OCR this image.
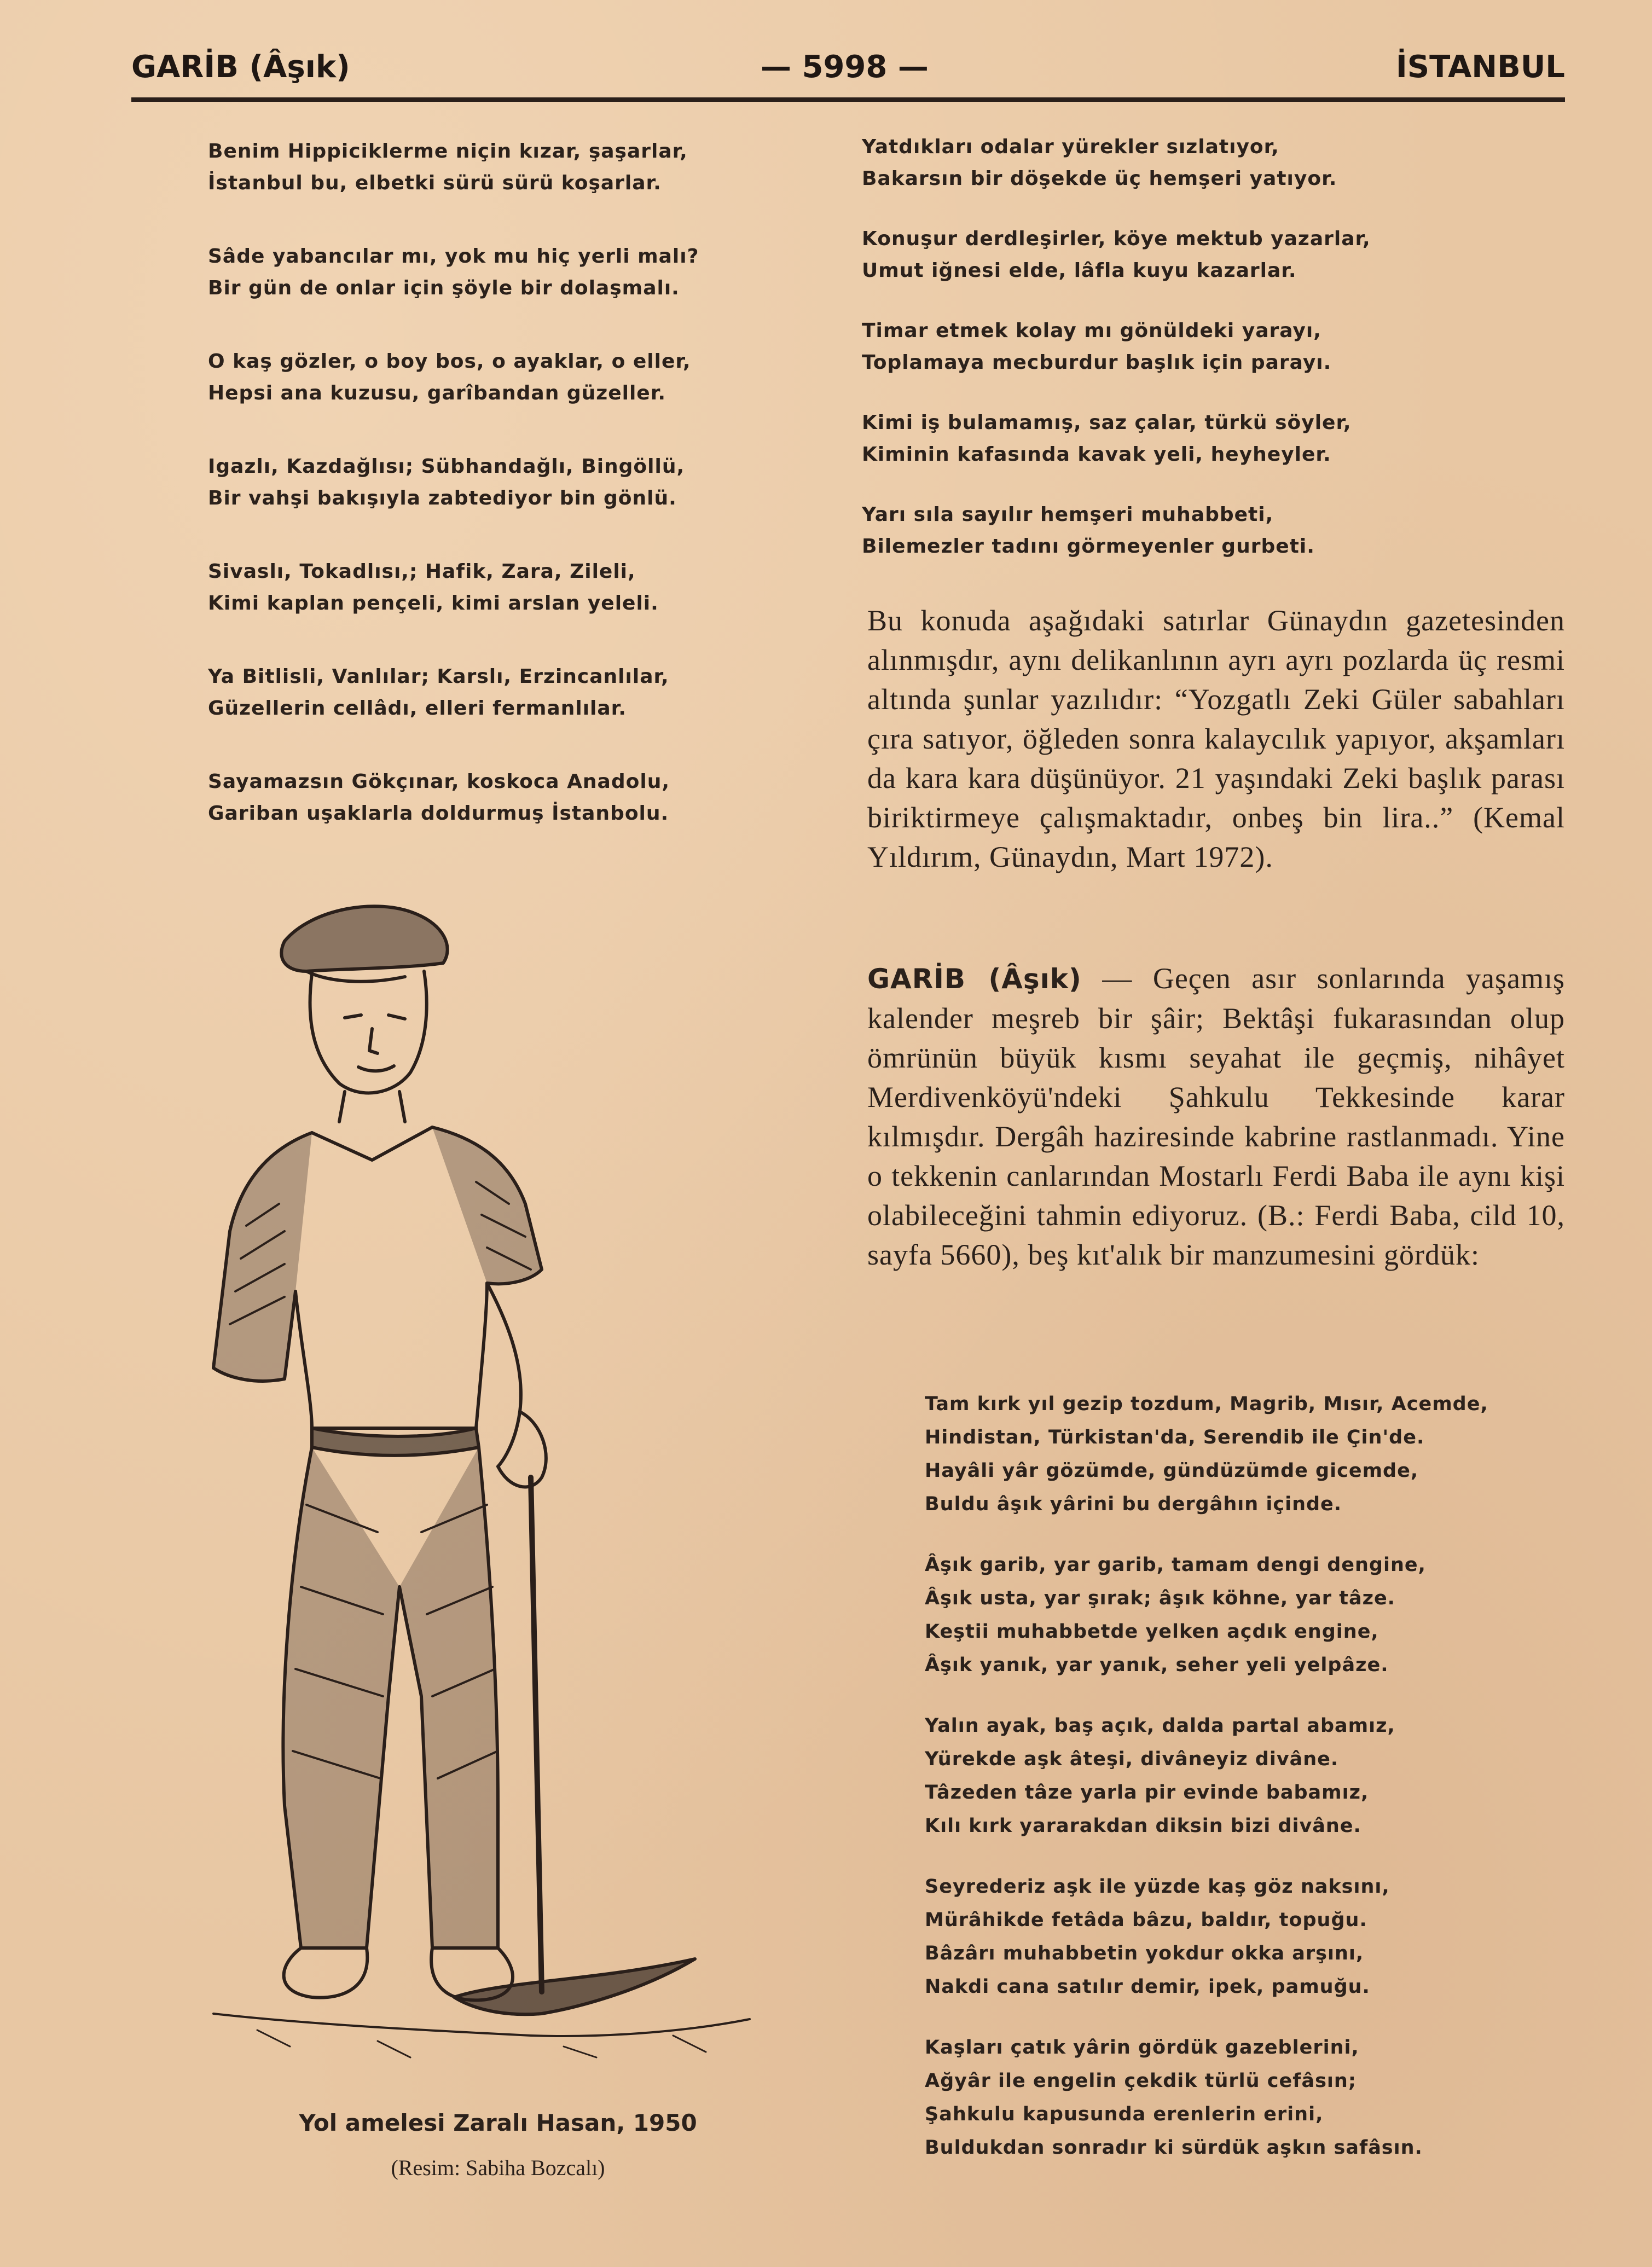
GARİB (Âşık)	— 5998 —	İSTANBUL
Benim Hippiciklerme niçin kızar, şaşarlar,
İstanbul bu, elbetki sürü sürü koşarlar.
Sâde yabancılar mı, yok mu hiç yerli malı?
Bir gün de onlar için şöyle bir dolaşmalı.
O kaş gözler, o boy bos, o ayaklar, o eller,
Hepsi ana kuzusu, garîbandan güzeller.
Igazlı, Kazdağlısı; Sübhandağlı, Bingöllü,
Bir vahşi bakışıyla zabtediyor bin gönlü.
Sivaslı, Tokadlısı,; Hafik, Zara, Zileli,
Kimi kaplan pençeli, kimi arslan yeleli.
Ya Bitlisli, Vanlılar; Karslı, Erzincanlılar,
Güzellerin cellâdı, elleri fermanlılar.
Sayamazsın Gökçınar, koskoca Anadolu,
Gariban uşaklarla doldurmuş İstanbolu.
Yatdıkları odalar yürekler sızlatıyor,
Bakarsın bir döşekde üç hemşeri yatıyor.
Konuşur derdleşirler, köye mektub yazarlar,
Umut iğnesi elde, lâfla kuyu kazarlar.
Timar etmek kolay mı gönüldeki yarayı,
Toplamaya mecburdur başlık için parayı.
Kimi iş bulamamış, saz çalar, türkü söyler,
Kiminin kafasında kavak yeli, heyheyler.
Yarı sıla sayılır hemşeri muhabbeti,
Bilemezler tadını görmeyenler gurbeti.
Bu konuda aşağıdaki satırlar Günaydın gazetesinden alınmışdır, aynı delikanlının ayrı ayrı pozlarda üç resmi altında şunlar yazılıdır: “Yozgatlı Zeki Güler sabahları çıra satıyor, öğleden sonra kalaycılık yapıyor, akşamları da kara kara düşünüyor. 21 yaşındaki Zeki başlık parası biriktirmeye çalışmaktadır, onbeş bin lira..” (Kemal Yıldırım, Günaydın, Mart 1972).
GARİB (Âşık) — Geçen asır sonlarında yaşamış kalender meşreb bir şâir; Bektâşi fukarasından olup ömrünün büyük kısmı seyahat ile geçmiş, nihâyet Merdivenköyü'ndeki Şahkulu Tekkesinde karar kılmışdır. Dergâh haziresinde kabrine rastlanmadı. Yine o tekkenin canlarından Mostarlı Ferdi Baba ile aynı kişi olabileceğini tahmin ediyoruz. (B.: Ferdi Baba, cild 10, sayfa 5660), beş kıt'alık bir manzumesini gördük:
Tam kırk yıl gezip tozdum, Magrib, Mısır, Acemde,
Hindistan, Türkistan'da, Serendib ile Çin'de.
Hayâli yâr gözümde, gündüzümde gicemde,
Buldu âşık yârini bu dergâhın içinde.
Âşık garib, yar garib, tamam dengi dengine,
Âşık usta, yar şırak; âşık köhne, yar tâze.
Keştii muhabbetde yelken açdık engine,
Âşık yanık, yar yanık, seher yeli yelpâze.
Yalın ayak, baş açık, dalda partal abamız,
Yürekde aşk âteşi, divâneyiz divâne.
Tâzeden tâze yarla pir evinde babamız,
Kılı kırk yararakdan diksin bizi divâne.
Seyrederiz aşk ile yüzde kaş göz naksını,
Mürâhikde fetâda bâzu, baldır, topuğu.
Bâzârı muhabbetin yokdur okka arşını,
Nakdi cana satılır demir, ipek, pamuğu.
Kaşları çatık yârin gördük gazeblerini,
Ağyâr ile engelin çekdik türlü cefâsın;
Şahkulu kapusunda erenlerin erini,
Buldukdan sonradır ki sürdük aşkın safâsın.
Yol amelesi Zaralı Hasan, 1950
(Resim: Sabiha Bozcalı)
